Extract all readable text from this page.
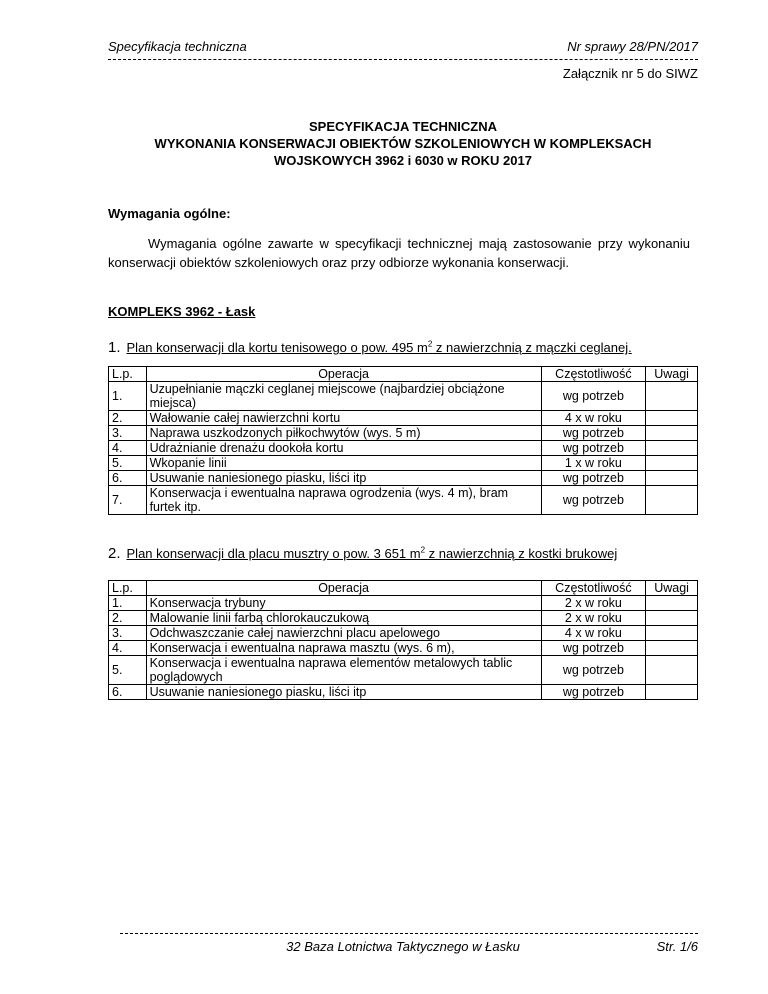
Specyfikacja techniczna	Nr sprawy 28/PN/2017
Załącznik nr 5 do SIWZ
SPECYFIKACJA TECHNICZNA
WYKONANIA KONSERWACJI OBIEKTÓW SZKOLENIOWYCH W KOMPLEKSACH
WOJSKOWYCH 3962 i 6030 w ROKU 2017
Wymagania ogólne:
Wymagania ogólne zawarte w specyfikacji technicznej mają zastosowanie przy wykonaniu konserwacji obiektów szkoleniowych oraz przy odbiorze wykonania konserwacji.
KOMPLEKS 3962 - Łask
1. Plan konserwacji dla kortu tenisowego o pow. 495 $m^2$ z nawierzchnią z mączki ceglanej.
L.p.	Operacja	Częstotliwość	Uwagi
1.	Uzupełnianie mączki ceglanej miejscowe (najbardziej obciążone miejsca)	wg potrzeb	
2.	Wałowanie całej nawierzchni kortu	4 x w roku	
3.	Naprawa uszkodzonych piłkochwytów (wys. 5 m)	wg potrzeb	
4.	Udrażnianie drenażu dookoła kortu	wg potrzeb	
5.	Wkopanie linii	1 x w roku	
6.	Usuwanie naniesionego piasku, liści itp	wg potrzeb	
7.	Konserwacja i ewentualna naprawa ogrodzenia (wys. 4 m), bram furtek itp.	wg potrzeb	
2. Plan konserwacji dla placu musztry o pow. 3 651 $m^2$ z nawierzchnią z kostki brukowej
L.p.	Operacja	Częstotliwość	Uwagi
1.	Konserwacja trybuny	2 x w roku	
2.	Malowanie linii farbą chlorokauczukową	2 x w roku	
3.	Odchwaszczanie całej nawierzchni placu apelowego	4 x w roku	
4.	Konserwacja i ewentualna naprawa masztu (wys. 6 m),	wg potrzeb	
5.	Konserwacja i ewentualna naprawa elementów metalowych tablic poglądowych	wg potrzeb	
6.	Usuwanie naniesionego piasku, liści itp	wg potrzeb	
32 Baza Lotnictwa Taktycznego w Łasku	Str. 1/6
